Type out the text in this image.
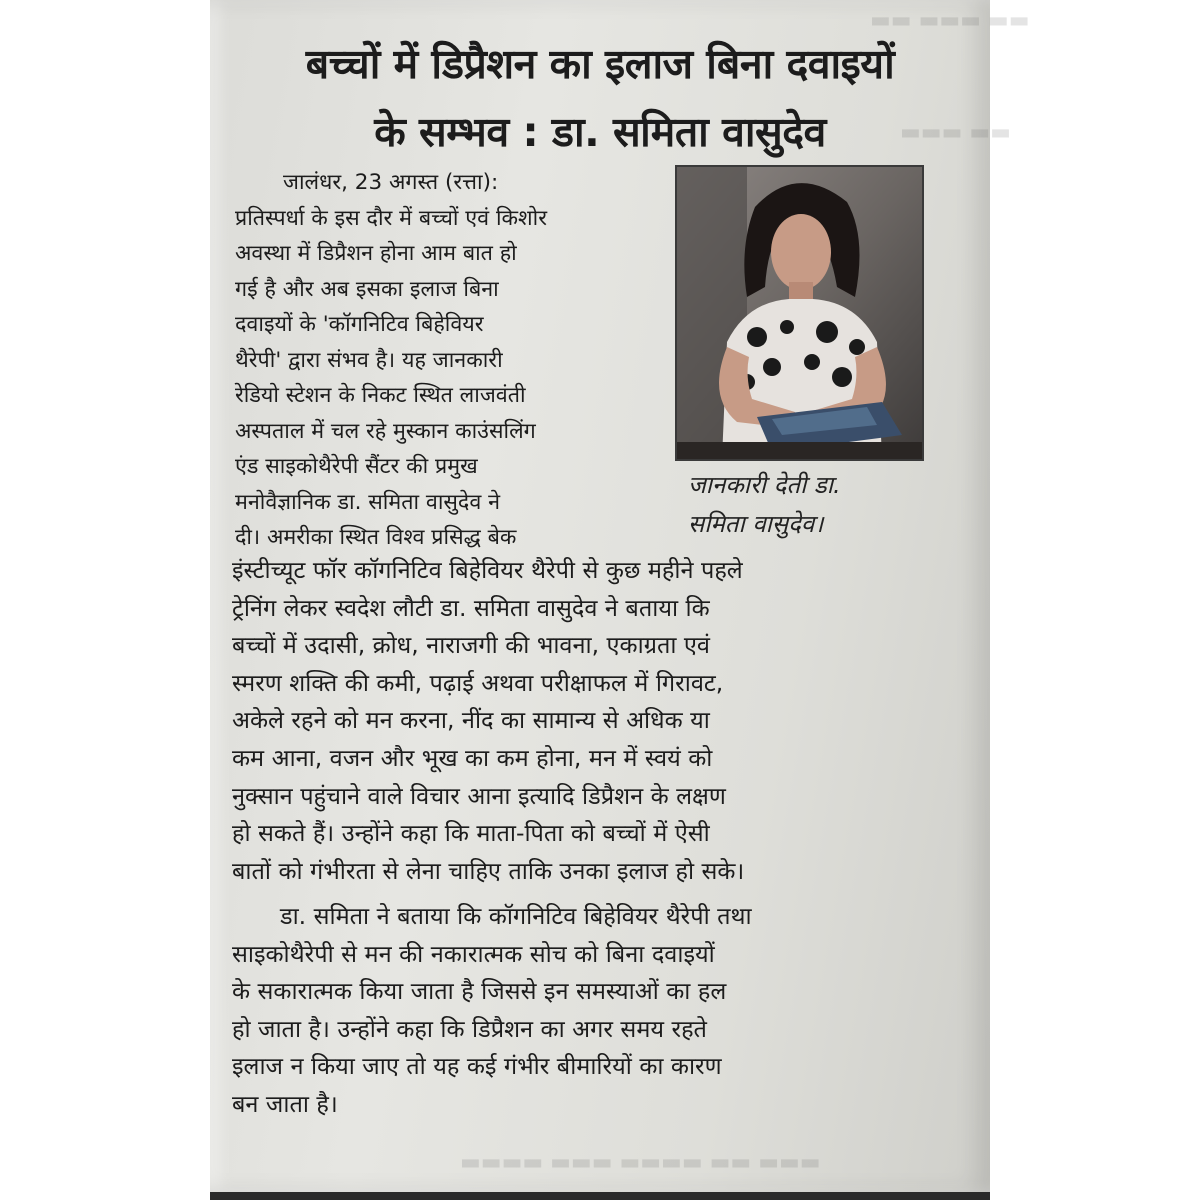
▬▬ ▬▬▬ ▬▬
▬▬▬ ▬▬
▬▬▬▬ ▬▬▬ ▬▬▬▬ ▬▬ ▬▬▬
बच्चों में डिप्रैशन का इलाज बिना दवाइयों
के सम्भव : डा. समिता वासुदेव
जालंधर, 23 अगस्त (रत्ता):
प्रतिस्पर्धा के इस दौर में बच्चों एवं किशोर
अवस्था में डिप्रैशन होना आम बात हो
गई है और अब इसका इलाज बिना
दवाइयों के 'कॉगनिटिव बिहेवियर
थैरेपी' द्वारा संभव है। यह जानकारी
रेडियो स्टेशन के निकट स्थित लाजवंती
अस्पताल में चल रहे मुस्कान काउंसलिंग
एंड साइकोथैरेपी सैंटर की प्रमुख
मनोवैज्ञानिक डा. समिता वासुदेव ने
दी। अमरीका स्थित विश्व प्रसिद्ध बेक
जानकारी देती डा.
समिता वासुदेव।
इंस्टीच्यूट फॉर कॉगनिटिव बिहेवियर थैरेपी से कुछ महीने पहले
ट्रेनिंग लेकर स्वदेश लौटी डा. समिता वासुदेव ने बताया कि
बच्चों में उदासी, क्रोध, नाराजगी की भावना, एकाग्रता एवं
स्मरण शक्ति की कमी, पढ़ाई अथवा परीक्षाफल में गिरावट,
अकेले रहने को मन करना, नींद का सामान्य से अधिक या
कम आना, वजन और भूख का कम होना, मन में स्वयं को
नुक्सान पहुंचाने वाले विचार आना इत्यादि डिप्रैशन के लक्षण
हो सकते हैं। उन्होंने कहा कि माता-पिता को बच्चों में ऐसी
बातों को गंभीरता से लेना चाहिए ताकि उनका इलाज हो सके।
डा. समिता ने बताया कि कॉगनिटिव बिहेवियर थैरेपी तथा
साइकोथैरेपी से मन की नकारात्मक सोच को बिना दवाइयों
के सकारात्मक किया जाता है जिससे इन समस्याओं का हल
हो जाता है। उन्होंने कहा कि डिप्रैशन का अगर समय रहते
इलाज न किया जाए तो यह कई गंभीर बीमारियों का कारण
बन जाता है।
